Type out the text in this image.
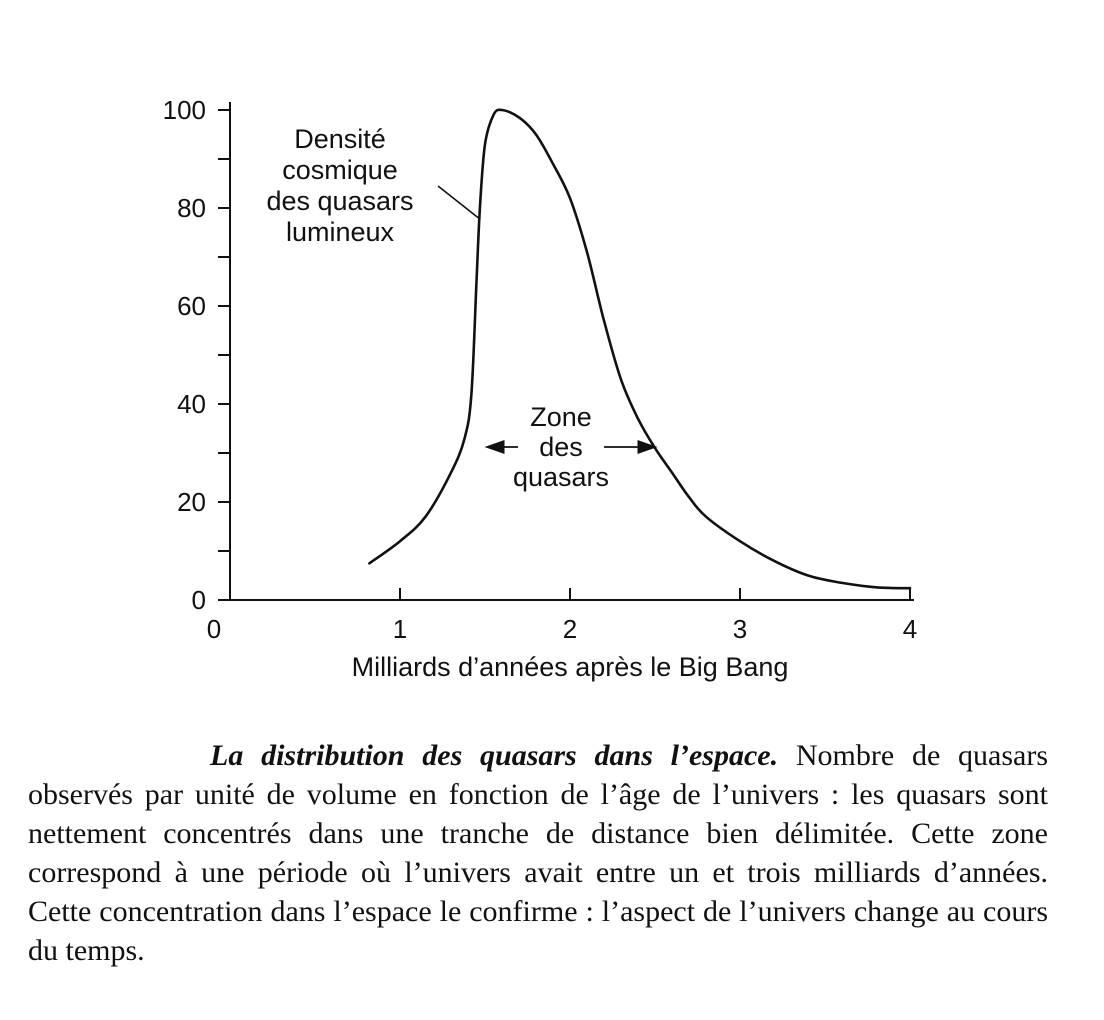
Milliards d’années après le Big Bang
0
20
40
60
80
100
0	1	2	3	4
Densité
cosmique
des quasars
lumineux
Zone
des
quasars
La distribution des quasars dans l’espace. Nombre de quasars observés par unité de volume en fonction de l’âge de l’univers : les quasars sont nettement concentrés dans une tranche de distance bien délimitée. Cette zone correspond à une période où l’univers avait entre un et trois milliards d’années. Cette concentration dans l’espace le confirme : l’aspect de l’univers change au cours du temps.
